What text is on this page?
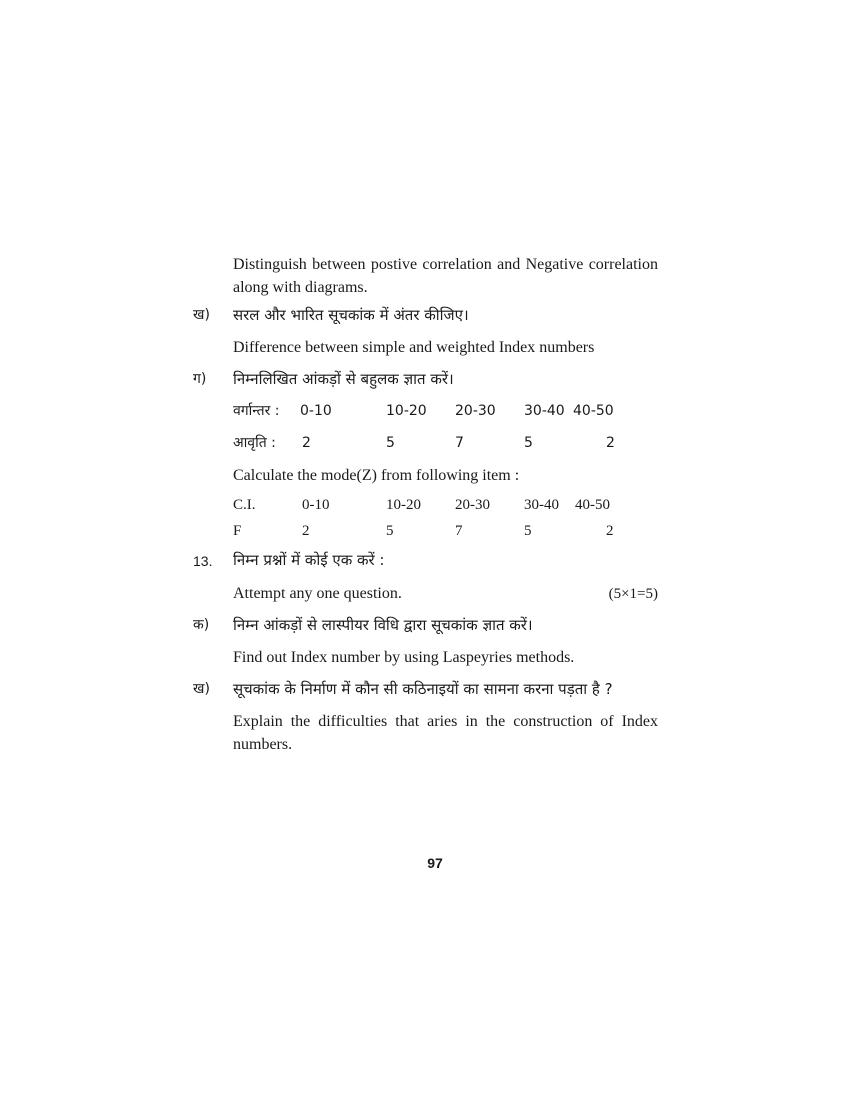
Distinguish between postive correlation and Negative correlation along with diagrams.
ख) सरल और भारित सूचकांक में अंतर कीजिए।
Difference between simple and weighted Index numbers
ग) निम्नलिखित आंकड़ों से बहुलक ज्ञात करें।
वर्गान्तर : 0-10	10-20 20-30 30-40 40-50
आवृति : 2	5	7	5	2
Calculate the mode(Z) from following item :
C.I.	0-10	10-20 20-30 30-40 40-50
F	2	5	7	5	2
13. निम्न प्रश्नों में कोई एक करें :
Attempt any one question.	(5×1=5)
क) निम्न आंकड़ों से लास्पीयर विधि द्वारा सूचकांक ज्ञात करें।
Find out Index number by using Laspeyries methods.
ख) सूचकांक के निर्माण में कौन सी कठिनाइयों का सामना करना पड़ता है ?
Explain the difficulties that aries in the construction of Index numbers.
97
